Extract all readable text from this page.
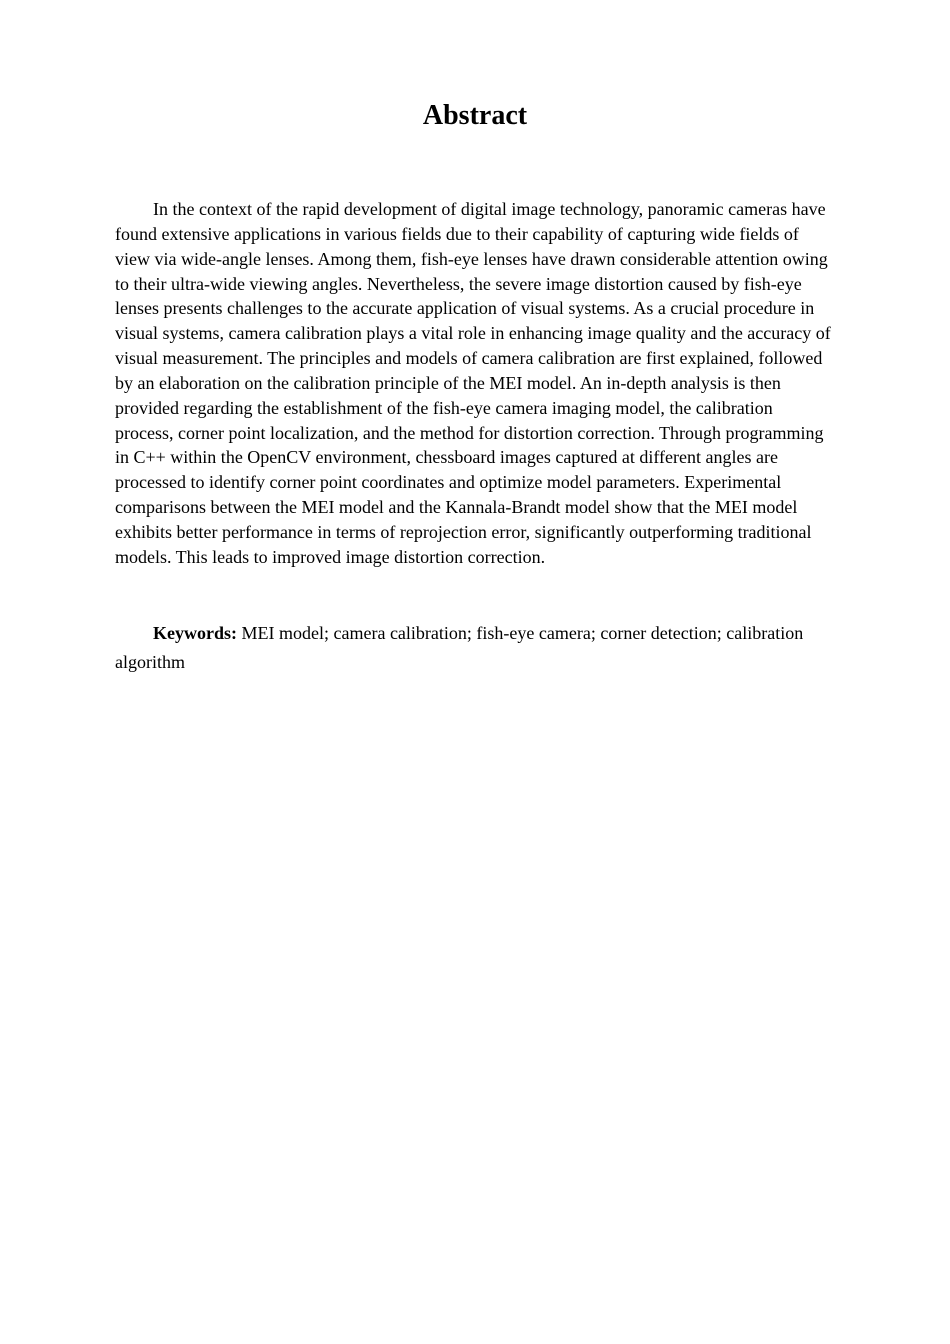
Abstract

In the context of the rapid development of digital image technology, panoramic cameras have found extensive applications in various fields due to their capability of capturing wide fields of view via wide-angle lenses. Among them, fish-eye lenses have drawn considerable attention owing to their ultra-wide viewing angles. Nevertheless, the severe image distortion caused by fish-eye lenses presents challenges to the accurate application of visual systems. As a crucial procedure in visual systems, camera calibration plays a vital role in enhancing image quality and the accuracy of visual measurement. The principles and models of camera calibration are first explained, followed by an elaboration on the calibration principle of the MEI model. An in-depth analysis is then provided regarding the establishment of the fish-eye camera imaging model, the calibration process, corner point localization, and the method for distortion correction. Through programming in C++ within the OpenCV environment, chessboard images captured at different angles are processed to identify corner point coordinates and optimize model parameters. Experimental comparisons between the MEI model and the Kannala-Brandt model show that the MEI model exhibits better performance in terms of reprojection error, significantly outperforming traditional models. This leads to improved image distortion correction.

Keywords: MEI model; camera calibration; fish-eye camera; corner detection; calibration algorithm
